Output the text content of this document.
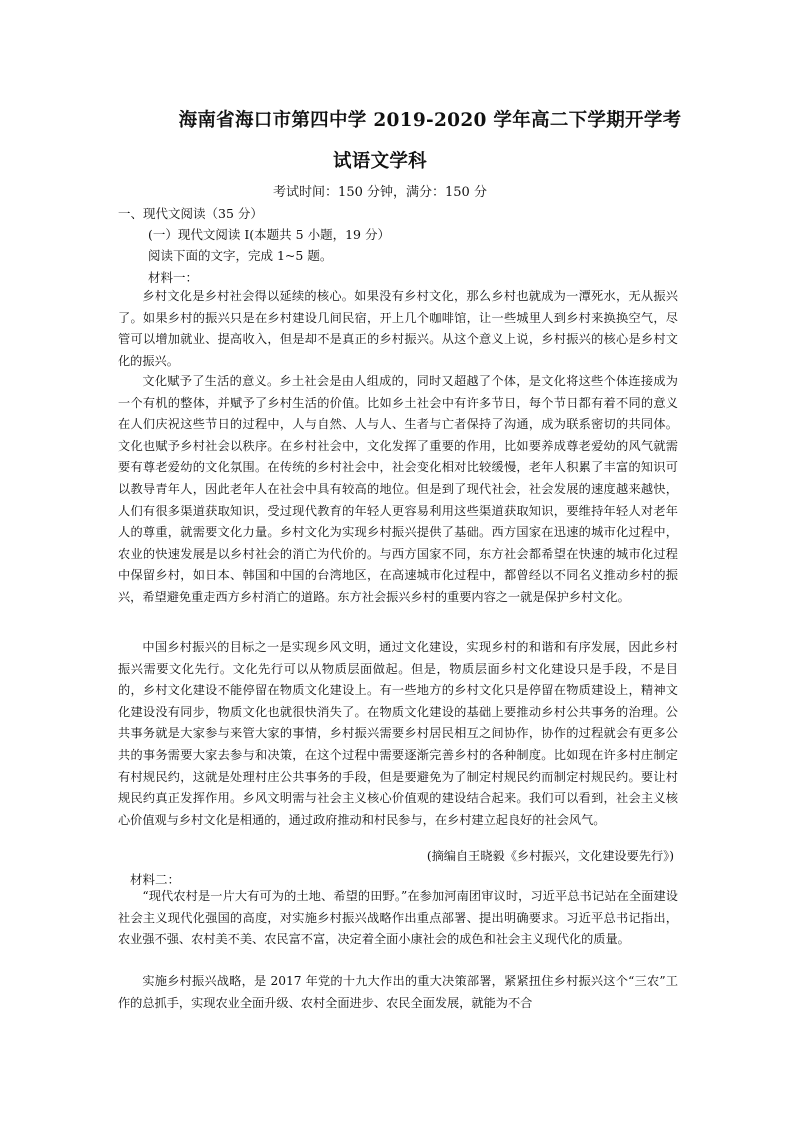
海南省海口市第四中学 2019-2020 学年高二下学期开学考
试语文学科
考试时间：150 分钟，满分：150 分
一、现代文阅读（35 分）
(一）现代文阅读 I(本题共 5 小题，19 分）
阅读下面的文字，完成 1~5 题。
材料一：

乡村文化是乡村社会得以延续的核心。如果没有乡村文化，那么乡村也就成为一潭死水，无从振兴了。如果乡村的振兴只是在乡村建设几间民宿，开上几个咖啡馆，让一些城里人到乡村来换换空气，尽管可以增加就业、提高收入，但是却不是真正的乡村振兴。从这个意义上说，乡村振兴的核心是乡村文化的振兴。

文化赋予了生活的意义。乡土社会是由人组成的，同时又超越了个体，是文化将这些个体连接成为一个有机的整体，并赋予了乡村生活的价值。比如乡土社会中有许多节日，每个节日都有着不同的意义在人们庆祝这些节日的过程中，人与自然、人与人、生者与亡者保持了沟通，成为联系密切的共同体。文化也赋予乡村社会以秩序。在乡村社会中，文化发挥了重要的作用，比如要养成尊老爱幼的风气就需要有尊老爱幼的文化氛围。在传统的乡村社会中，社会变化相对比较缓慢，老年人积累了丰富的知识可以教导青年人，因此老年人在社会中具有较高的地位。但是到了现代社会，社会发展的速度越来越快，人们有很多渠道获取知识，受过现代教育的年轻人更容易利用这些渠道获取知识，要维持年轻人对老年人的尊重，就需要文化力量。乡村文化为实现乡村振兴提供了基础。西方国家在迅速的城市化过程中，农业的快速发展是以乡村社会的消亡为代价的。与西方国家不同，东方社会都希望在快速的城市化过程中保留乡村，如日本、韩国和中国的台湾地区，在高速城市化过程中，都曾经以不同名义推动乡村的振兴，希望避免重走西方乡村消亡的道路。东方社会振兴乡村的重要内容之一就是保护乡村文化。

中国乡村振兴的目标之一是实现乡风文明，通过文化建设，实现乡村的和谐和有序发展，因此乡村振兴需要文化先行。文化先行可以从物质层面做起。但是，物质层面乡村文化建设只是手段，不是目的，乡村文化建设不能停留在物质文化建设上。有一些地方的乡村文化只是停留在物质建设上，精神文化建设没有同步，物质文化也就很快消失了。在物质文化建设的基础上要推动乡村公共事务的治理。公共事务就是大家参与来管大家的事情，乡村振兴需要乡村居民相互之间协作，协作的过程就会有更多公共的事务需要大家去参与和决策，在这个过程中需要逐渐完善乡村的各种制度。比如现在许多村庄制定有村规民约，这就是处理村庄公共事务的手段，但是要避免为了制定村规民约而制定村规民约。要让村规民约真正发挥作用。乡风文明需与社会主义核心价值观的建设结合起来。我们可以看到，社会主义核心价值观与乡村文化是相通的，通过政府推动和村民参与，在乡村建立起良好的社会风气。

(摘编自王晓毅《乡村振兴，文化建设要先行》)
材料二：

“现代农村是一片大有可为的土地、希望的田野。”在参加河南团审议时，习近平总书记站在全面建设社会主义现代化强国的高度，对实施乡村振兴战略作出重点部署、提出明确要求。习近平总书记指出，农业强不强、农村美不美、农民富不富，决定着全面小康社会的成色和社会主义现代化的质量。

实施乡村振兴战略，是 2017 年党的十九大作出的重大决策部署，紧紧扭住乡村振兴这个“三农”工作的总抓手，实现农业全面升级、农村全面进步、农民全面发展，就能为不合
